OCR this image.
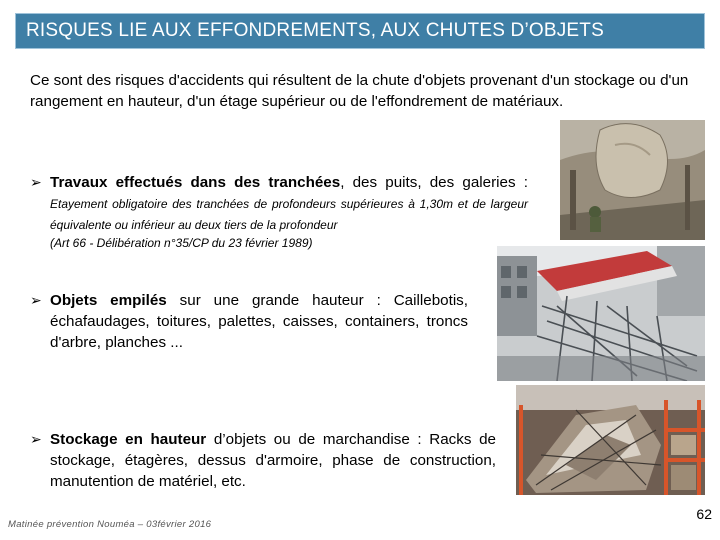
RISQUES LIE AUX EFFONDREMENTS, AUX CHUTES D’OBJETS
Ce sont des risques d'accidents qui résultent de la chute d'objets provenant d'un stockage ou d'un rangement en hauteur, d'un étage supérieur ou de l'effondrement de matériaux.
➢ Travaux effectués dans des tranchées, des puits, des galeries : Etayement obligatoire des tranchées de profondeurs supérieures à 1,30m et de largeur équivalente ou inférieur au deux tiers de la profondeur
(Art 66 - Délibération n°35/CP du 23 février 1989)
➢ Objets empilés sur une grande hauteur : Caillebotis, échafaudages, toitures, palettes, caisses, containers, troncs d'arbre, planches ...
➢ Stockage en hauteur d’objets ou de marchandise : Racks de stockage, étagères, dessus d'armoire, phase de construction, manutention de matériel, etc.
Matinée prévention Nouméa – 03février 2016
62
